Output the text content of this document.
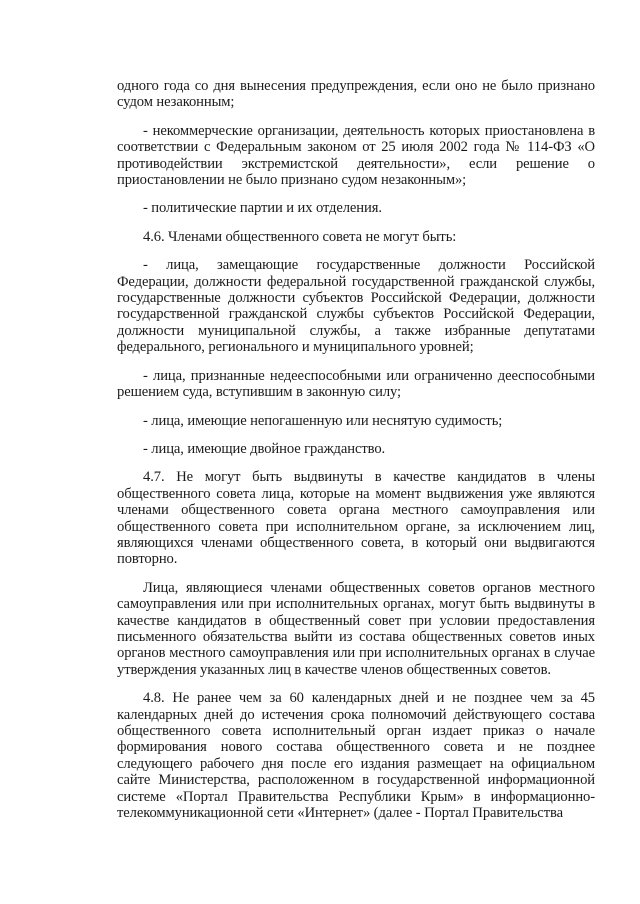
одного года со дня вынесения предупреждения, если оно не было признано судом незаконным;

- некоммерческие организации, деятельность которых приостановлена в соответствии с Федеральным законом от 25 июля 2002 года № 114-ФЗ «О противодействии экстремистской деятельности», если решение о приостановлении не было признано судом незаконным»;

- политические партии и их отделения.

4.6. Членами общественного совета не могут быть:

- лица, замещающие государственные должности Российской Федерации, должности федеральной государственной гражданской службы, государственные должности субъектов Российской Федерации, должности государственной гражданской службы субъектов Российской Федерации, должности муниципальной службы, а также избранные депутатами федерального, регионального и муниципального уровней;

- лица, признанные недееспособными или ограниченно дееспособными решением суда, вступившим в законную силу;

- лица, имеющие непогашенную или неснятую судимость;

- лица, имеющие двойное гражданство.

4.7. Не могут быть выдвинуты в качестве кандидатов в члены общественного совета лица, которые на момент выдвижения уже являются членами общественного совета органа местного самоуправления или общественного совета при исполнительном органе, за исключением лиц, являющихся членами общественного совета, в который они выдвигаются повторно.

Лица, являющиеся членами общественных советов органов местного самоуправления или при исполнительных органах, могут быть выдвинуты в качестве кандидатов в общественный совет при условии предоставления письменного обязательства выйти из состава общественных советов иных органов местного самоуправления или при исполнительных органах в случае утверждения указанных лиц в качестве членов общественных советов.

4.8. Не ранее чем за 60 календарных дней и не позднее чем за 45 календарных дней до истечения срока полномочий действующего состава общественного совета исполнительный орган издает приказ о начале формирования нового состава общественного совета и не позднее следующего рабочего дня после его издания размещает на официальном сайте Министерства, расположенном в государственной информационной системе «Портал Правительства Республики Крым» в информационно-телекоммуникационной сети «Интернет» (далее - Портал Правительства
